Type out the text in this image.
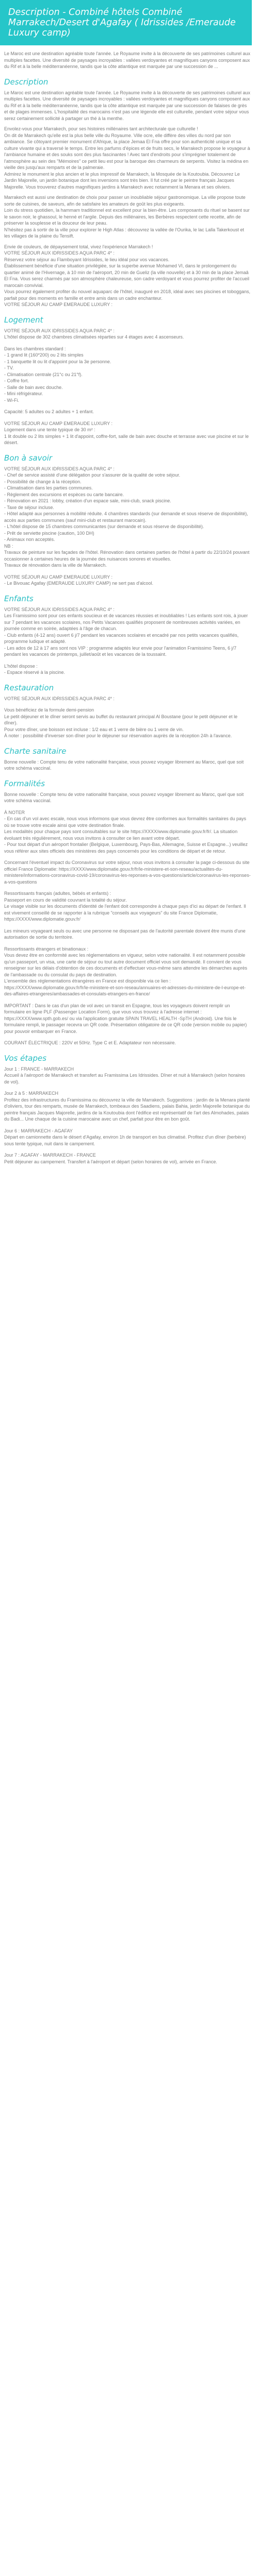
Description - Combiné hôtels Combiné Marrakech/Desert d'Agafay ( Idrissides /Emeraude Luxury camp)

Le Maroc est une destination agréable toute l'année. Le Royaume invite à la découverte de ses patrimoines culturel aux multiples facettes. Une diversité de paysages incroyables : vallées verdoyantes et magnifiques canyons composent aux du Rif et à la belle méditerranéenne, tandis que la côte atlantique est marquée par une succession de ...

Description

Le Maroc est une destination agréable toute l'année. Le Royaume invite à la découverte de ses patrimoines culturel aux multiples facettes. Une diversité de paysages incroyables : vallées verdoyantes et magnifiques canyons composent aux du Rif et à la belle méditerranéenne, tandis que la côte atlantique est marquée par une succession de falaises de grès et de plages immenses. L'hospitalité des marocains n'est pas une légende elle est culturelle, pendant votre séjour vous serez certainement sollicité à partager un thé à la menthe.

Envolez-vous pour Marrakech, pour ses histoires millénaires tant architecturale que culturelle !
On dit de Marrakech qu'elle est la plus belle ville du Royaume. Ville ocre, elle diffère des villes du nord par son ambiance. Se côtoyant premier monument d'Afrique, la place Jemaa El Fna offre pour son authenticité unique et sa culture vivante qui a traversé le temps. Entre les parfums d'épices et de fruits secs, le Marrakech propose le voyageur à l'ambiance humaine et des souks sont des plus fascinantes ! Avec tant d'endroits pour s'imprégner totalement de l'atmosphère au sein des "Mémoires" ce petit lieu est pour la baroque des charmeurs de serpents. Visitez la médina en vieille des jusqu'aux remparts et de la palmeraie.
Admirez le monument le plus ancien et le plus impressif de Marrakech, la Mosquée de la Koutoubia. Découvrez Le Jardin Majorelle, un jardin botanique dont les inversions sont très bien. Il fut créé par le peintre français Jacques Majorelle. Vous trouverez d'autres magnifiques jardins à Marrakech avec notamment la Menara et ses oliviers.

Marrakech est aussi une destination de choix pour passer un inoubliable séjour gastronomique. La ville propose toute sorte de cuisines, de saveurs, afin de satisfaire les amateurs de goût les plus exigeants.
Loin du stress quotidien, la hammam traditionnel est excellent pour la bien-être. Les composants du rituel se basent sur le savon noir, le ghassoul, le henné et l'argile. Depuis des millénaires, les Berbères respectent cette recette, afin de préserver la souplesse et la douceur de leur peau.
N'hésitez pas à sortir de la ville pour explorer le High Atlas : découvrez la vallée de l'Ourika, le lac Lalla Takerkoust et les villages de la plaine du Tensift.

Envie de couleurs, de dépaysement total, vivez l'expérience Marrakech !
VOTRE SÉJOUR AUX IDRISSIDES AQUA PARC 4* :
Réservez votre séjour au Flamboyant Idrissides, le lieu idéal pour vos vacances.
Établissement bénéficie d'une situation privilégiée, sur la superbe avenue Mohamed VI, dans le prolongement du quartier animé de l'Hivernage, à 10 min de l'aéroport, 20 min de Gueliz (la ville nouvelle) et à 30 min de la place Jemaâ El Fna. Vous serez charmés par son atmosphère chaleureuse, son cadre verdoyant et vous pourrez profiter de l'accueil marocain convivial.
Vous pourrez également profiter du nouvel aquaparc de l'hôtel, inauguré en 2018, idéal avec ses piscines et toboggans, parfait pour des moments en famille et entre amis dans un cadre enchanteur.
VOTRE SÉJOUR AU CAMP EMERAUDE LUXURY :
Logement
VOTRE SÉJOUR AUX IDRISSIDES AQUA PARC 4* :
L'hôtel dispose de 302 chambres climatisées réparties sur 4 étages avec 4 ascenseurs.
Dans les chambres standard :
- 1 grand lit (160*200) ou 2 lits simples
- 1 banquette lit ou lit d'appoint pour la 3e personne.
- TV.
- Climatisation centrale (21°c ou 21°f).
- Coffre fort.
- Salle de bain avec douche.
- Mini réfrigérateur.
- Wi-Fi.
Capacité: 5 adultes ou 2 adultes + 1 enfant.
VOTRE SÉJOUR AU CAMP EMERAUDE LUXURY :
Logement dans une tente typique de 30 m² :
1 lit double ou 2 lits simples + 1 lit d'appoint, coffre-fort, salle de bain avec douche et terrasse avec vue piscine et sur le désert.
Bon à savoir
VOTRE SÉJOUR AUX IDRISSIDES AQUA PARC 4* :
- Chef de service assisté d'une délégation pour s'assurer de la qualité de votre séjour.
- Possibilité de change à la réception.
- Climatisation dans les parties communes.
- Règlement des excursions et espèces ou carte bancaire.
- Rénovation en 2021 : lobby, création d'un espace sale, mini-club, snack piscine.
- Taxe de séjour incluse.
- Hôtel adapté aux personnes à mobilité réduite. 4 chambres standards (sur demande et sous réserve de disponibilité), accès aux parties communes (sauf mini-club et restaurant marocain).
- L'hôtel dispose de 15 chambres communicantes (sur demande et sous réserve de disponibilité).
- Prêt de serviette piscine (caution, 100 DH)
- Animaux non acceptés.
NB :
Travaux de peinture sur les façades de l'hôtel. Rénovation dans certaines parties de l'hôtel à partir du 22/10/24 pouvant occasionner à certaines heures de la journée des nuisances sonores et visuelles.
Travaux de rénovation dans la ville de Marrakech.
VOTRE SÉJOUR AU CAMP EMERAUDE LUXURY :
- Le Bivouac Agafay (EMERAUDE LUXURY CAMP) ne sert pas d'alcool.
Enfants
VOTRE SÉJOUR AUX IDRISSIDES AQUA PARC 4* :
Les Framissimo sont pour ces enfants soucieux et de vacances réussies et inoubliables ! Les enfants sont rois, à jouer sur 7 pendant les vacances scolaires, nos Petits Vacances qualifiés proposent de nombreuses activités variées, en journée comme en soirée, adaptées à l'âge de chacun.
- Club enfants (4-12 ans) ouvert 6 j/7 pendant les vacances scolaires et encadré par nos petits vacances qualifiés, programme ludique et adapté.
- Les ados de 12 à 17 ans sont nos VIP : programme adaptés leur envie pour l'animation Framissimo Teens, 6 j/7 pendant les vacances de printemps, juillet/août et les vacances de la toussaint.
L'hôtel dispose :
- Espace réservé à la piscine.
Restauration
VOTRE SÉJOUR AUX IDRISSIDES AQUA PARC 4* :
Vous bénéficiez de la formule demi-pension
Le petit déjeuner et le dîner seront servis au buffet du restaurant principal Al Boustane (pour le petit déjeuner et le dîner).
Pour votre dîner, une boisson est incluse : 1/2 eau et 1 verre de bière ou 1 verre de vin.
À noter : possibilité d'inverser son dîner pour le déjeuner sur réservation auprès de la réception 24h à l'avance.
Charte sanitaire
Bonne nouvelle : Compte tenu de votre nationalité française, vous pouvez voyager librement au Maroc, quel que soit votre schéma vaccinal.
Formalités
Bonne nouvelle : Compte tenu de votre nationalité française, vous pouvez voyager librement au Maroc, quel que soit votre schéma vaccinal.
À NOTER
- En cas d'un vol avec escale, nous vous informons que vous devrez être conformes aux formalités sanitaires du pays où se trouve votre escale ainsi que votre destination finale.
Les modalités pour chaque pays sont consultables sur le site https://XXXX/www.diplomatie.gouv.fr/fr/. La situation évoluant très régulièrement, nous vous invitons à consulter ce lien avant votre départ.
- Pour tout départ d'un aéroport frontalier (Belgique, Luxembourg, Pays-Bas, Allemagne, Suisse et Espagne...) veuillez vous référer aux sites officiels des ministères des pays concernés pour les conditions de départ et de retour.
Concernant l'éventuel impact du Coronavirus sur votre séjour, nous vous invitons à consulter la page ci-dessous du site officiel France Diplomatie: https://XXXX/www.diplomatie.gouv.fr/fr/le-ministere-et-son-reseau/actualites-du-ministere/informations-coronavirus-covid-19/coronavirus-les-reponses-a-vos-questions/article/coronavirus-les-reponses-a-vos-questions
Ressortissants français (adultes, bébés et enfants) :
Passeport en cours de validité couvrant la totalité du séjour.
Le visage visible sur les documents d'identité de l'enfant doit correspondre à chaque pays d'ici au départ de l'enfant. Il est vivement conseillé de se rapporter à la rubrique "conseils aux voyageurs" du site France Diplomatie, https://XXXX/www.diplomatie.gouv.fr/
Les mineurs voyageant seuls ou avec une personne ne disposant pas de l'autorité parentale doivent être munis d'une autorisation de sortie du territoire.
Ressortissants étrangers et binationaux :
Vous devez être en conformité avec les réglementations en vigueur, selon votre nationalité. Il est notamment possible qu'un passeport, un visa, une carte de séjour ou tout autre document officiel vous soit demandé. Il convient de vous renseigner sur les délais d'obtention de ces documents et d'effectuer vous-même sans attendre les démarches auprès de l'ambassade ou du consulat du pays de destination.
L'ensemble des réglementations étrangères en France est disponible via ce lien : https://XXXX/www.diplomatie.gouv.fr/fr/le-ministere-et-son-reseau/annuaires-et-adresses-du-ministere-de-l-europe-et-des-affaires-etrangeres/ambassades-et-consulats-etrangers-en-france/
IMPORTANT : Dans le cas d'un plan de vol avec un transit en Espagne, tous les voyageurs doivent remplir un formulaire en ligne PLF (Passenger Location Form), que vous vous trouvez à l'adresse internet : https://XXXX/www.spth.gob.es/ ou via l'application gratuite SPAIN TRAVEL HEALTH -SpTH (Android). Une fois le formulaire rempli, le passager recevra un QR code. Présentation obligatoire de ce QR code (version mobile ou papier) pour pouvoir embarquer en France.
COURANT ÉLECTRIQUE : 220V et 50Hz. Type C et E. Adaptateur non nécessaire.
Vos étapes
Jour 1 : FRANCE - MARRAKECH
Accueil à l'aéroport de Marrakech et transfert au Framissima Les Idrissides. Dîner et nuit à Marrakech (selon horaires de vol).
Jour 2 à 5 : MARRAKECH
Profitez des infrastructures du Framissima ou découvrez la ville de Marrakech. Suggestions : jardin de la Menara planté d'oliviers, tour des remparts, musée de Marrakech, tombeaux des Saadiens, palais Bahia, jardin Majorelle botanique du peintre français Jacques Majorelle, jardins de la Koutoubia dont l'édifice est représentatif de l'art des Almohades, palais du Badi... Une chaque de la cuisine marocaine avec un chef, parfait pour être en bon goût.
Jour 6 : MARRAKECH - AGAFAY
Départ en camionnette dans le désert d'Agafay, environ 1h de transport en bus climatisé. Profitez d'un dîner (berbère) sous tente typique, nuit dans le campement.
Jour 7 : AGAFAY - MARRAKECH - FRANCE
Petit déjeuner au campement. Transfert à l'aéroport et départ (selon horaires de vol), arrivée en France.
